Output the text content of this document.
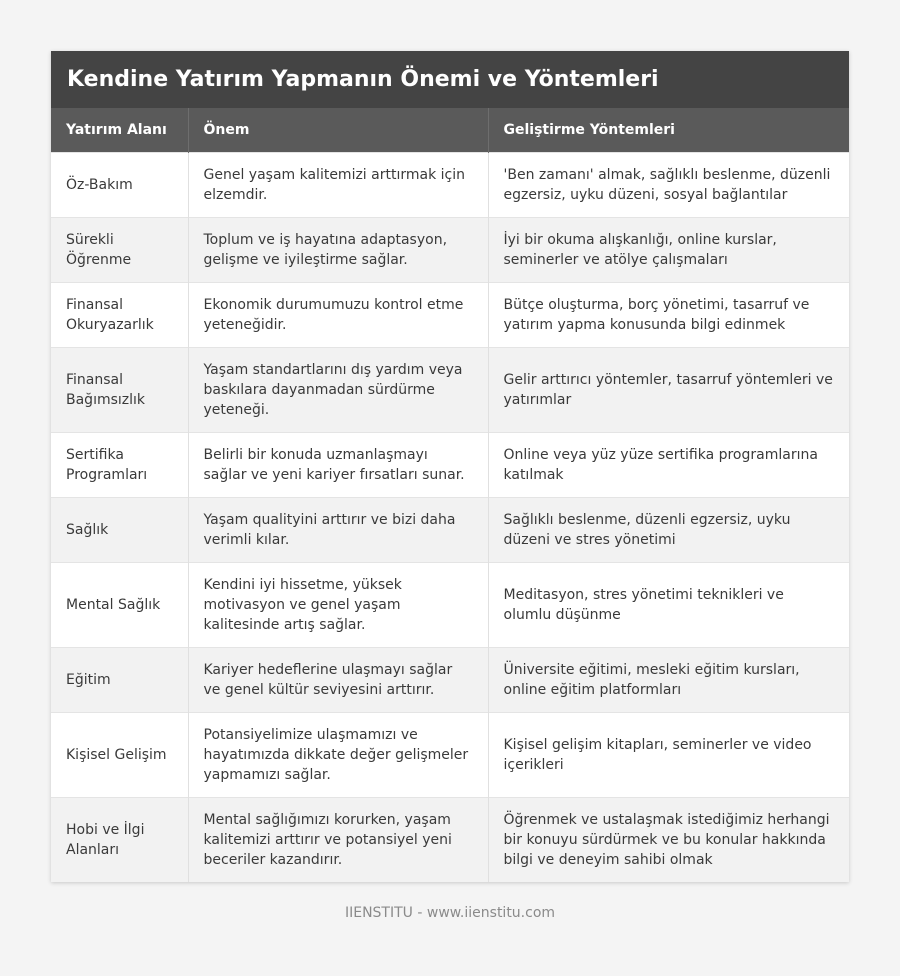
Kendine Yatırım Yapmanın Önemi ve Yöntemleri
Yatırım Alanı	Önem	Geliştirme Yöntemleri
Öz-Bakım	Genel yaşam kalitemizi arttırmak için elzemdir.	'Ben zamanı' almak, sağlıklı beslenme, düzenli egzersiz, uyku düzeni, sosyal bağlantılar
Sürekli Öğrenme	Toplum ve iş hayatına adaptasyon, gelişme ve iyileştirme sağlar.	İyi bir okuma alışkanlığı, online kurslar, seminerler ve atölye çalışmaları
Finansal Okuryazarlık	Ekonomik durumumuzu kontrol etme yeteneğidir.	Bütçe oluşturma, borç yönetimi, tasarruf ve yatırım yapma konusunda bilgi edinmek
Finansal Bağımsızlık	Yaşam standartlarını dış yardım veya baskılara dayanmadan sürdürme yeteneği.	Gelir arttırıcı yöntemler, tasarruf yöntemleri ve yatırımlar
Sertifika Programları	Belirli bir konuda uzmanlaşmayı sağlar ve yeni kariyer fırsatları sunar.	Online veya yüz yüze sertifika programlarına katılmak
Sağlık	Yaşam qualityini arttırır ve bizi daha verimli kılar.	Sağlıklı beslenme, düzenli egzersiz, uyku düzeni ve stres yönetimi
Mental Sağlık	Kendini iyi hissetme, yüksek motivasyon ve genel yaşam kalitesinde artış sağlar.	Meditasyon, stres yönetimi teknikleri ve olumlu düşünme
Eğitim	Kariyer hedeflerine ulaşmayı sağlar ve genel kültür seviyesini arttırır.	Üniversite eğitimi, mesleki eğitim kursları, online eğitim platformları
Kişisel Gelişim	Potansiyelimize ulaşmamızı ve hayatımızda dikkate değer gelişmeler yapmamızı sağlar.	Kişisel gelişim kitapları, seminerler ve video içerikleri
Hobi ve İlgi Alanları	Mental sağlığımızı korurken, yaşam kalitemizi arttırır ve potansiyel yeni beceriler kazandırır.	Öğrenmek ve ustalaşmak istediğimiz herhangi bir konuyu sürdürmek ve bu konular hakkında bilgi ve deneyim sahibi olmak
IIENSTITU - www.iienstitu.com
